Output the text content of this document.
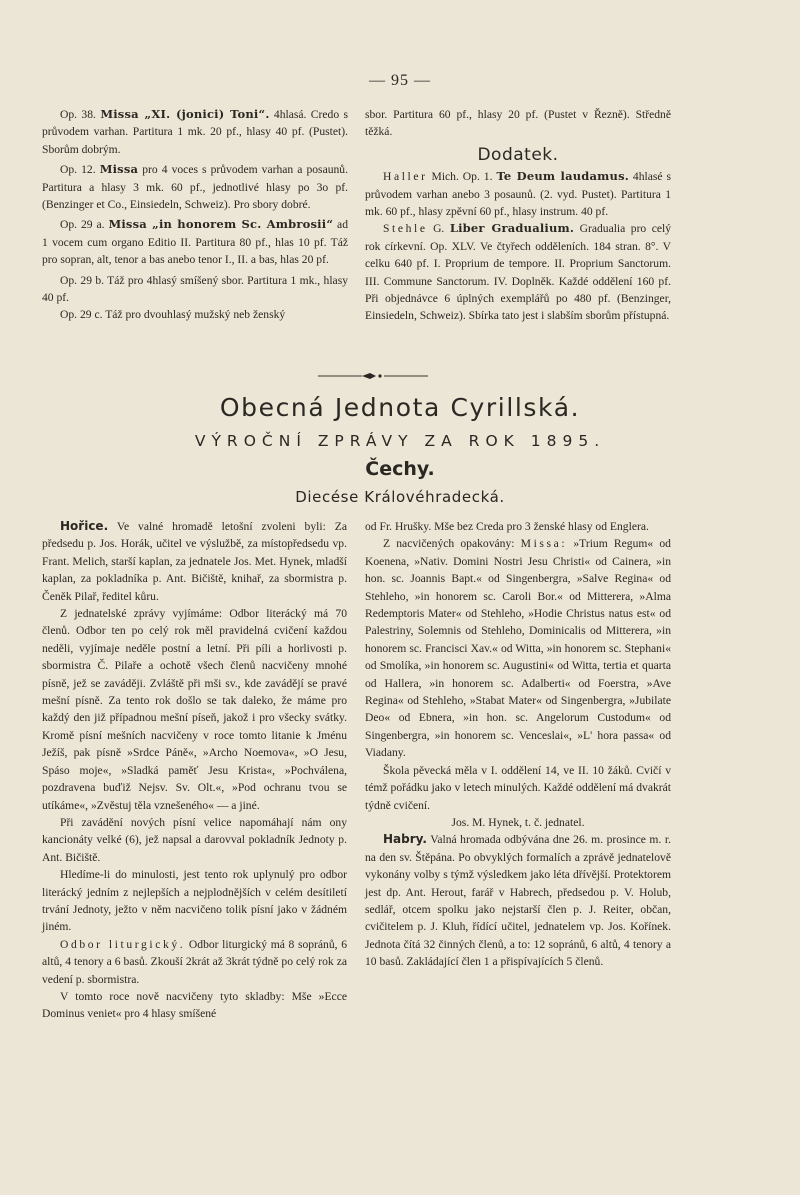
— 95 —

Op. 38. Missa „XI. (jonici) Toni“. 4hlasá. Credo s průvodem varhan. Partitura 1 mk. 20 pf., hlasy 40 pf. (Pustet). Sborům dobrým.

Op. 12. Missa pro 4 voces s průvodem varhan a posaunů. Partitura a hlasy 3 mk. 60 pf., jednotlivé hlasy po 3o pf. (Benzinger et Co., Einsiedeln, Schweiz). Pro sbory dobré.

Op. 29 a. Missa „in honorem Sc. Ambrosii“ ad 1 vocem cum organo Editio II. Partitura 80 pf., hlas 10 pf. Táž pro sopran, alt, tenor a bas anebo tenor I., II. a bas, hlas 20 pf.

Op. 29 b. Táž pro 4hlasý smíšený sbor. Partitura 1 mk., hlasy 40 pf.

Op. 29 c. Táž pro dvouhlasý mužský neb ženský

sbor. Partitura 60 pf., hlasy 20 pf. (Pustet v Řezně). Středně těžká.

Dodatek.

Haller Mich. Op. 1. Te Deum laudamus. 4hlasé s průvodem varhan anebo 3 posaunů. (2. vyd. Pustet). Partitura 1 mk. 60 pf., hlasy zpěvní 60 pf., hlasy instrum. 40 pf.

Stehle G. Liber Gradualium. Gradualia pro celý rok církevní. Op. XLV. Ve čtyřech odděleních. 184 stran. 8°. V celku 640 pf. I. Proprium de tempore. II. Proprium Sanctorum. III. Commune Sanctorum. IV. Doplněk. Každé oddělení 160 pf. Při objednávce 6 úplných exemplářů po 480 pf. (Benzinger, Einsiedeln, Schweiz). Sbírka tato jest i slabším sborům přístupná.

Obecná Jednota Cyrillská.
VÝROČNÍ ZPRÁVY ZA ROK 1895.
Čechy.
Diecése Královéhradecká.

Hořice. Ve valné hromadě letošní zvoleni byli: Za předsedu p. Jos. Horák, učitel ve výslužbě, za místopředsedu vp. Frant. Melich, starší kaplan, za jednatele Jos. Met. Hynek, mladší kaplan, za pokladníka p. Ant. Bičiště, knihař, za sbormistra p. Čeněk Pilař, ředitel kůru.

Z jednatelské zprávy vyjímáme: Odbor literácký má 70 členů. Odbor ten po celý rok měl pravidelná cvičení každou neděli, vyjímaje neděle postní a letní. Při píli a horlivosti p. sbormistra Č. Pilaře a ochotě všech členů nacvičeny mnohé písně, jež se zaváději. Zvláště při mši sv., kde zavádějí se pravé mešní písně. Za tento rok došlo se tak daleko, že máme pro každý den již případnou mešní píseň, jakož i pro všecky svátky. Kromě písní mešních nacvičeny v roce tomto litanie k Jménu Ježíš, pak písně »Srdce Páně«, »Archo Noemova«, »O Jesu, Spáso moje«, »Sladká paměť Jesu Krista«, »Pochválena, pozdravena buďiž Nejsv. Sv. Olt.«, »Pod ochranu tvou se utíkáme«, »Zvěstuj těla vznešeného« — a jiné.

Při zavádění nových písní velice napomáhají nám ony kancionáty velké (6), jež napsal a darovval pokladník Jednoty p. Ant. Bičiště.

Hledíme-li do minulosti, jest tento rok uplynulý pro odbor literácký jedním z nejlepších a nejplodnějších v celém desítiletí trvání Jednoty, ježto v něm nacvičeno tolik písní jako v žádném jiném.

Odbor liturgický. Odbor liturgický má 8 sopránů, 6 altů, 4 tenory a 6 basů. Zkouší 2krát až 3krát týdně po celý rok za vedení p. sbormistra.

V tomto roce nově nacvičeny tyto skladby: Mše »Ecce Dominus veniet« pro 4 hlasy smíšené

od Fr. Hrušky. Mše bez Creda pro 3 ženské hlasy od Englera.

Z nacvičených opakovány: Missa: »Trium Regum« od Koenena, »Nativ. Domini Nostri Jesu Christi« od Cainera, »in hon. sc. Joannis Bapt.« od Singenbergra, »Salve Regina« od Stehleho, »in honorem sc. Caroli Bor.« od Mitterera, »Alma Redemptoris Mater« od Stehleho, »Hodie Christus natus est« od Palestriny, Solemnis od Stehleho, Dominicalis od Mitterera, »in honorem sc. Francisci Xav.« od Witta, »in honorem sc. Stephani« od Smolíka, »in honorem sc. Augustini« od Witta, tertia et quarta od Hallera, »in honorem sc. Adalberti« od Foerstra, »Ave Regina« od Stehleho, »Stabat Mater« od Singenbergra, »Jubilate Deo« od Ebnera, »in hon. sc. Angelorum Custodum« od Singenbergra, »in honorem sc. Venceslai«, »L' hora passa« od Viadany.

Škola pěvecká měla v I. oddělení 14, ve II. 10 žáků. Cvičí v témž pořádku jako v letech minulých. Každé oddělení má dvakrát týdně cvičení.

Jos. M. Hynek, t. č. jednatel.

Habry. Valná hromada odbývána dne 26. m. prosince m. r. na den sv. Štěpána. Po obvyklých formalích a zprávě jednatelově vykonány volby s týmž výsledkem jako léta dřívější. Protektorem jest dp. Ant. Herout, farář v Habrech, předsedou p. V. Holub, sedlář, otcem spolku jako nejstarší člen p. J. Reiter, občan, cvičitelem p. J. Kluh, řídící učitel, jednatelem vp. Jos. Kořínek. Jednota čítá 32 činných členů, a to: 12 sopránů, 6 altů, 4 tenory a 10 basů. Zakládající člen 1 a přispívajících 5 členů.
